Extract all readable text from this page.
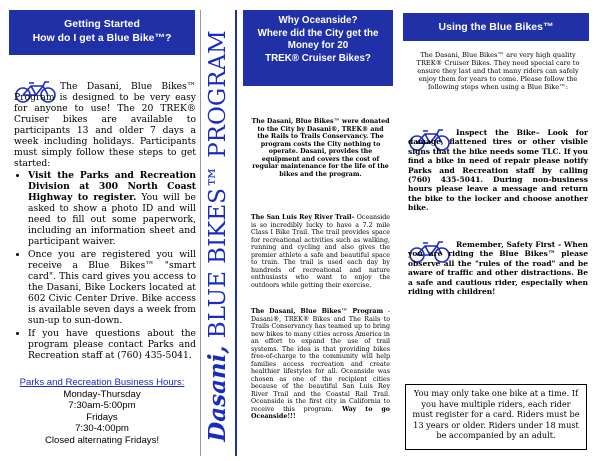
Getting Started
How do I get a Blue Bike™?

The Dasani, Blue Bikes™ Program is designed to be very easy for anyone to use! The 20 TREK® Cruiser bikes are available to participants 13 and older 7 days a week including holidays. Participants must simply follow these steps to get started:

• Visit the Parks and Recreation Division at 300 North Coast Highway to register. You will be asked to show a photo ID and will need to fill out some paperwork, including an information sheet and participant waiver.
• Once you are registered you will receive a Blue Bikes™ "smart card". This card gives you access to the Dasani, Bike Lockers located at 602 Civic Center Drive. Bike access is available seven days a week from sun-up to sun-down.
• If you have questions about the program please contact Parks and Recreation staff at (760) 435-5041.
Parks and Recreation Business Hours:
Monday-Thursday
7:30am-5:00pm
Fridays
7:30-4:00pm
Closed alternating Fridays!	Dasani, BLUE BIKES™ PROGRAM
Why Oceanside?
Where did the City get the
Money for 20
TREK® Cruiser Bikes?

The Dasani, Blue Bikes™ were donated to the City by Dasani®, TREK® and the Rails to Trails Conservancy. The program costs the City nothing to operate. Dasani, provides the equipment and covers the cost of regular maintenance for the life of the bikes and the program.

The San Luis Rey River Trail– Oceanside is so incredibly lucky to have a 7.2 mile Class I Bike Trail. The trail provides space for recreational activities such as walking, running and cycling and also gives the premier athlete a safe and beautiful space to train. The trail is used each day by hundreds of recreational and nature enthusiasts who want to enjoy the outdoors while getting their exercise.

The Dasani, Blue Bikes™ Program - Dasani®, TREK® Bikes and The Rails to Trails Conservancy has teamed up to bring new bikes to many cities across America in an effort to expand the use of trail systems. The idea is that providing bikes free-of-charge to the community will help families access recreation and create healthier lifestyles for all. Oceanside was chosen as one of the recipient cities because of the beautiful San Luis Rey River Trail and the Coastal Rail Trail. Oceanside is the first city in California to receive this program. Way to go Oceanside!!!

Using the Blue Bikes™

The Dasani, Blue Bikes™ are very high quality TREK® Cruiser Bikes. They need special care to ensure they last and that many riders can safely enjoy them for years to come. Please follow the following steps when using a Blue Bike™:

Inspect the Bike– Look for damage, flattened tires or other visible signs that the bike needs some TLC. If you find a bike in need of repair please notify Parks and Recreation staff by calling (760) 435-5041. During non-business hours please leave a message and return the bike to the locker and choose another bike.

Remember, Safety First - When you are riding the Blue Bikes™ please observe all the "rules of the road" and be aware of traffic and other distractions. Be a safe and cautious rider, especially when riding with children!

You may only take one bike at a time. If you have multiple riders, each rider must register for a card. Riders must be 13 years or older. Riders under 18 must be accompanied by an adult.
